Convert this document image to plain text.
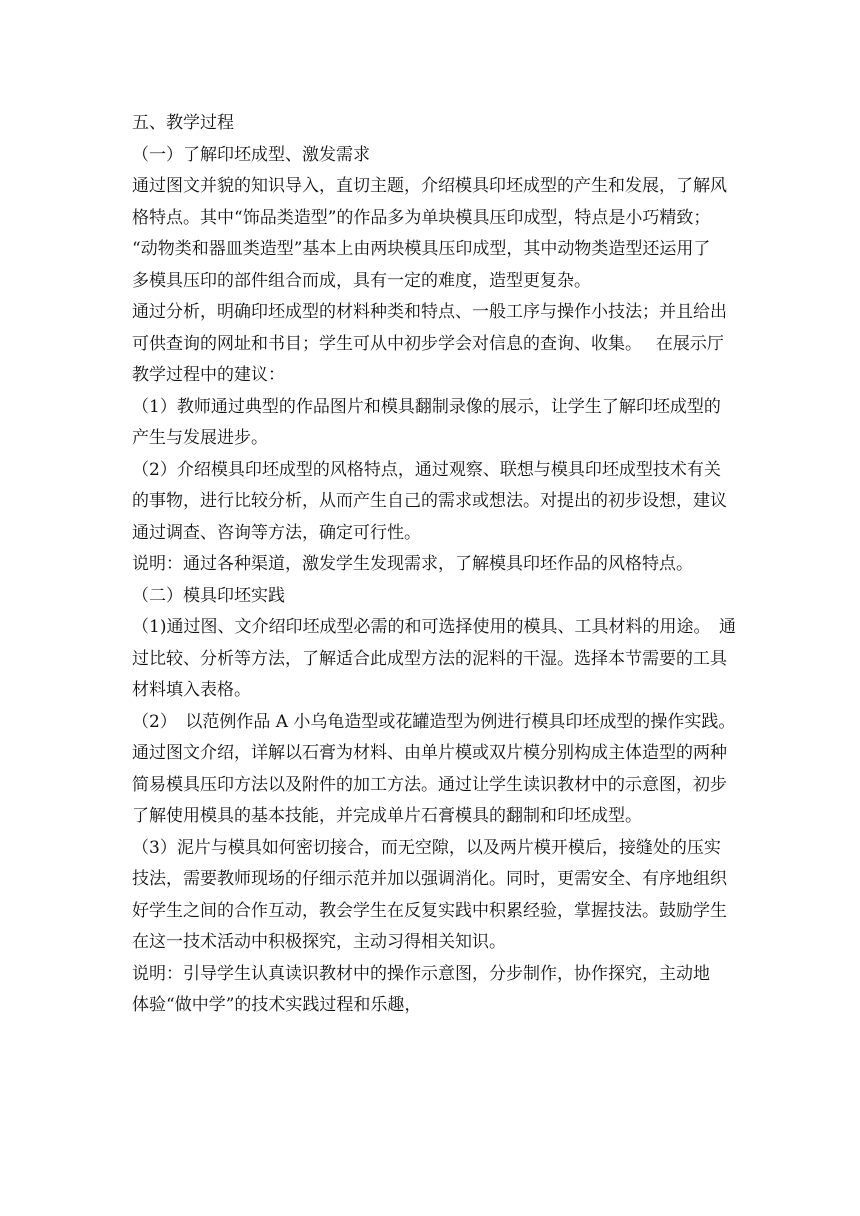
五、教学过程

（一）了解印坯成型、激发需求

通过图文并貌的知识导入，直切主题，介绍模具印坯成型的产生和发展，了解风

格特点。其中“饰品类造型”的作品多为单块模具压印成型，特点是小巧精致；

“动物类和器皿类造型”基本上由两块模具压印成型，其中动物类造型还运用了

多模具压印的部件组合而成，具有一定的难度，造型更复杂。

通过分析，明确印坯成型的材料种类和特点、一般工序与操作小技法；并且给出

可供查询的网址和书目；学生可从中初步学会对信息的查询、收集。　 在展示厅

教学过程中的建议：

（1）教师通过典型的作品图片和模具翻制录像的展示，让学生了解印坯成型的

产生与发展进步。

（2）介绍模具印坯成型的风格特点，通过观察、联想与模具印坯成型技术有关

的事物，进行比较分析，从而产生自己的需求或想法。对提出的初步设想，建议

通过调查、咨询等方法，确定可行性。

说明：通过各种渠道，激发学生发现需求，了解模具印坯作品的风格特点。

（二）模具印坯实践

（1)通过图、文介绍印坯成型必需的和可选择使用的模具、工具材料的用途。　通

过比较、分析等方法，了解适合此成型方法的泥料的干湿。选择本节需要的工具

材料填入表格。

（2）　以范例作品 A 小乌龟造型或花罐造型为例进行模具印坯成型的操作实践。

通过图文介绍，详解以石膏为材料、由单片模或双片模分别构成主体造型的两种

简易模具压印方法以及附件的加工方法。通过让学生读识教材中的示意图，初步

了解使用模具的基本技能，并完成单片石膏模具的翻制和印坯成型。

（3）泥片与模具如何密切接合，而无空隙，以及两片模开模后，接缝处的压实

技法，需要教师现场的仔细示范并加以强调消化。同时，更需安全、有序地组织

好学生之间的合作互动，教会学生在反复实践中积累经验，掌握技法。鼓励学生

在这一技术活动中积极探究，主动习得相关知识。

说明：引导学生认真读识教材中的操作示意图，分步制作，协作探究，主动地

体验“做中学”的技术实践过程和乐趣，
